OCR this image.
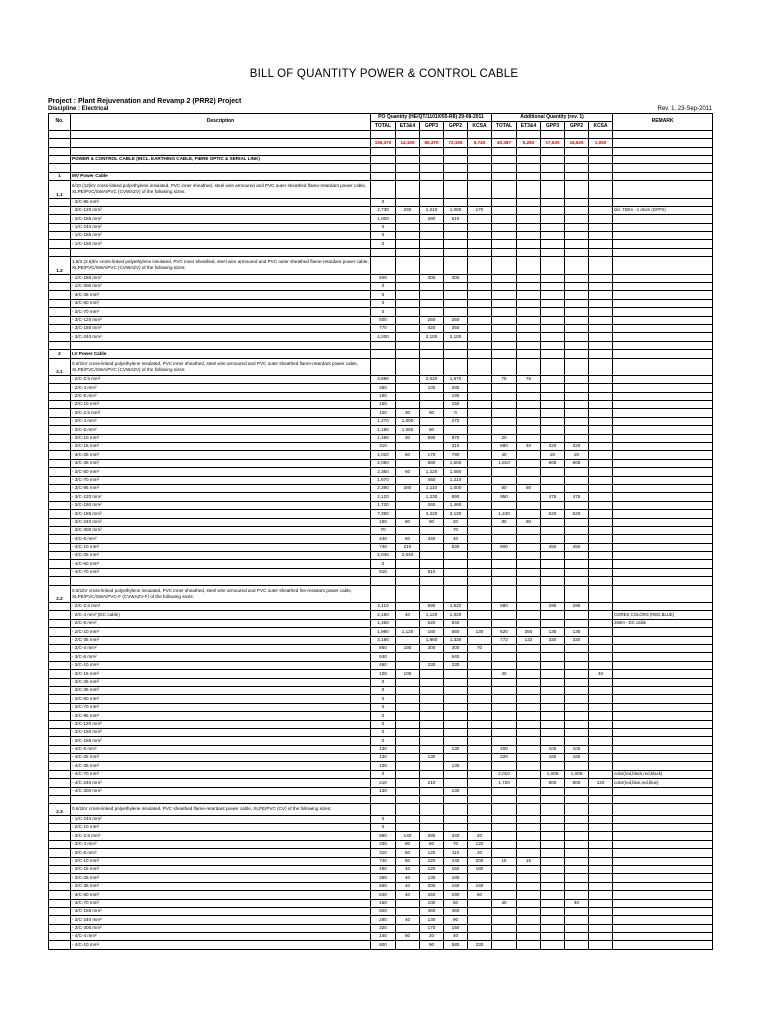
BILL OF QUANTITY POWER & CONTROL CABLE
Project : Plant Rejuvenation and Revamp 2 (PRR2) Project
Discipline : Electrical	Rev. 1, 23-Sep-2011
No.	Description	PO Quantity (HE/QT/1101/055-R8) 29-08-2011					Additional Quantity (rev. 1)					REMARK
		TOTAL	ET3&4	GPP3	GPP2	KCSA	TOTAL	ET3&4	GPP3	GPP2	KCSA	

		159,370	14,105	66,370	72,155	6,740	40,387	5,282	17,630	16,625	1,050	

	POWER & CONTROL CABLE (INCL. EARTHING CABLE, FIBRE OPTIC & SERIAL LINK)											

1	MV Power Cable											
1.1	6/10 (12)kV cross-linked polyethylene insulated, PVC inner sheathed, steel wire armoured and PVC outer sheathed flame-retardant power cable, XLPE/PVC/SWA/PVC (CVWAZV) of the following sizes:											
	- 3/C-95 mm²	0										
	- 3/C-120 mm²	2,730	260	1,210	1,090	170						del. 750m - 1 drum (GPP2)
	- 3/C-185 mm²	1,000		490	510							
	- 1/C-240 mm²	0										
	- 1/C-185 mm²	0										
	- 1/C-150 mm²	0										

1.2	1.8/3 (3.6)kV cross-linked polyethylene insulated, PVC inner sheathed, steel wire armoured and PVC outer sheathed flame-retardant power cable, XLPE/PVC/SWA/PVC (CVWAZV) of the following sizes:											
	- 1/C-185 mm²	600		300	300							
	- 1/C-300 mm²	0										
	- 3/C-35 mm²	0										
	- 3/C-50 mm²	0										
	- 3/C-70 mm²	0										
	- 3/C-120 mm²	500		250	250							
	- 3/C-185 mm²	770		420	350							
	- 3/C-240 mm²	4,200		2,100	2,100							

2	LV Power Cable											
2.1	0.6/1kV cross-linked polyethylene insulated, PVC inner sheathed, steel wire armoured and PVC outer sheathed flame-retardant power cable, XLPE/PVC/SWA/PVC (CVWAZV) of the following sizes:											
	- 2/C-2.5 mm²	3,690		2,020	1,670		75	75				
	- 2/C-4 mm²	380		100	280							
	- 2/C-6 mm²	190			190							
	- 2/C-10 mm²	150			150							
	- 3/C-2.5 mm²	120	30	90	0							
	- 3/C-4 mm²	1,270	1,000		270							
	- 3/C-6 mm²	1,180	1,090	90								
	- 3/C-10 mm²	1,490	30	590	870		20					
	- 3/C-16 mm²	310			310		680	40	320	320		
	- 3/C-25 mm²	1,020	60	170	790		40		20	20		
	- 3/C-35 mm²	2,080		580	1,500		1,810		905	905		
	- 3/C-50 mm²	2,360	60	1,220	1,080							
	- 3/C-70 mm²	1,670		460	1,210							
	- 3/C-95 mm²	2,390	280	1,110	1,000		80	80				
	- 3/C-120 mm²	2,120		1,230	890		950		475	475		
	- 3/C-150 mm²	1,720		260	1,460							
	- 3/C-185 mm²	7,350		4,220	3,130		1,240		620	620		
	- 3/C-240 mm²	190	80	90	20		80	80				
	- 3/C-300 mm²	70			70							
	- 4/C-6 mm²	440	60	340	40							
	- 4/C-10 mm²	740	210		530		900		450	450		
	- 4/C-25 mm²	2,040	2,040									
	- 4/C-50 mm²	0										
	- 4/C-70 mm²	910		910								

2.2	0.6/1kV cross-linked polyethylene insulated, PVC inner sheathed, steel wire armoured and PVC outer sheathed fire-resistant power cable, XLPE/PVC/SWA/PVC-F (CVWAZV-F) of the following sizes:											
	- 2/C-2.5 mm²	2,110		590	1,520		580		290	290		
	- 2/C-4 mm² (DC cable)	2,180	40	1,120	1,020							CORES COLORS (RED,BLUE)
	- 2/C-6 mm²	1,460		620	840							260m - DC cable
	- 2/C-10 mm²	1,990	1,120	180	560	130	620	350	135	135		
	- 2/C-35 mm²	3,190		1,860	1,330		772	132	320	320		
	- 3/C-4 mm²	860	190	300	300	70						
	- 3/C-6 mm²	640			640							
	- 3/C-10 mm²	460		230	230							
	- 3/C-16 mm²	100	100				40				40	
	- 3/C-25 mm²	0										
	- 3/C-35 mm²	0										
	- 3/C-50 mm²	0										
	- 3/C-70 mm²	0										
	- 3/C-95 mm²	0										
	- 3/C-120 mm²	0										
	- 3/C-150 mm²	0										
	- 3/C-185 mm²	0										
	- 4/C-6 mm²	130			130		200		100	100		
	- 4/C-25 mm²	130		130			320		160	160		
	- 4/C-35 mm²	130			130							
	- 4/C-70 mm²	0					2,010		1,005	1,005		color(red,black,red,black)
	- 4/C-240 mm²	210		210			1,720		800	800	120	color(red,blue,red,blue)
	- 4/C-300 mm²	130			130							

2.3	0.6/1kV cross-linked polyethylene insulated, PVC sheathed flame-retardant power cable, XLPE/PVC (CV) of the following sizes:											
	- 1/C-240 mm²	0										
	- 2/C-10 mm²	0										
	- 3/C-2.5 mm²	890	140	390	340	20						
	- 3/C-4 mm²	330	80	60	70	120						
	- 3/C-6 mm²	310	60	120	110	20						
	- 3/C-10 mm²	740	80	220	240	200	15	15				
	- 3/C-16 mm²	490	40	120	150	180						
	- 3/C-25 mm²	350	40	130	180							
	- 3/C-35 mm²	560	40	200	160	160						
	- 3/C-50 mm²	640	40	250	290	60						
	- 3/C-70 mm²	150		100	50		40			40		
	- 3/C-185 mm²	920		460	460							
	- 3/C-240 mm²	260	40	130	90							
	- 3/C-300 mm²	320		170	150							
	- 4/C-4 mm²	140	80	20	40							
	- 4/C-10 mm²	900		90	580	230						
